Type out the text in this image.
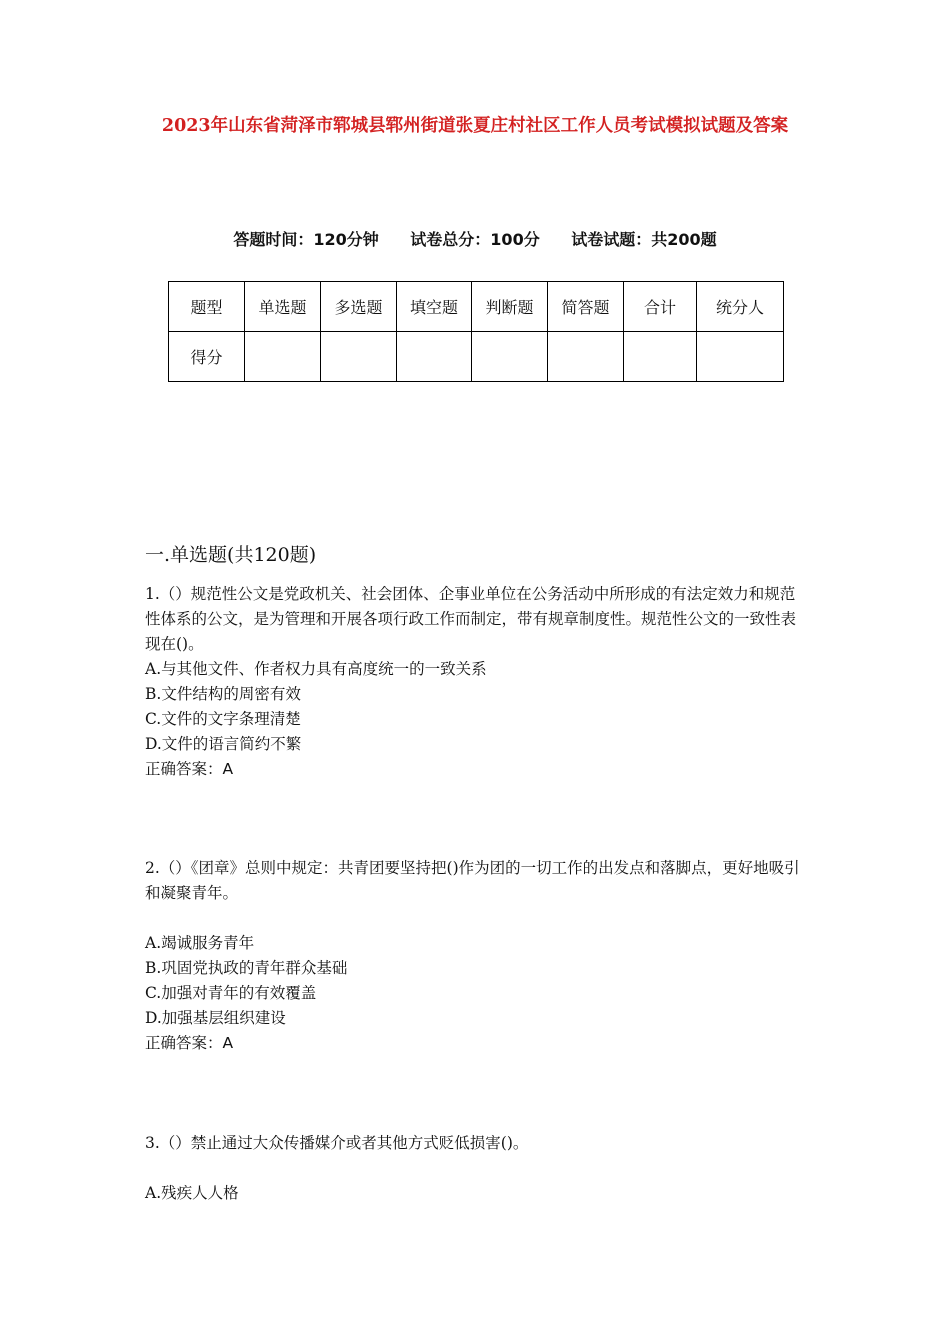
2023年山东省菏泽市郓城县郓州街道张夏庄村社区工作人员考试模拟试题及答案
答题时间：120分钟 试卷总分：100分 试卷试题：共200题
题型	单选题	多选题	填空题	判断题	简答题	合计	统分人
得分							
一.单选题(共120题)

1.（）规范性公文是党政机关、社会团体、企事业单位在公务活动中所形成的有法定效力和规范性体系的公文，是为管理和开展各项行政工作而制定，带有规章制度性。规范性公文的一致性表现在()。

A.与其他文件、作者权力具有高度统一的一致关系

B.文件结构的周密有效

C.文件的文字条理清楚

D.文件的语言简约不繁

正确答案：A

2.（）《团章》总则中规定：共青团要坚持把()作为团的一切工作的出发点和落脚点，更好地吸引和凝聚青年。

A.竭诚服务青年

B.巩固党执政的青年群众基础

C.加强对青年的有效覆盖

D.加强基层组织建设

正确答案：A

3.（）禁止通过大众传播媒介或者其他方式贬低损害()。

A.残疾人人格
